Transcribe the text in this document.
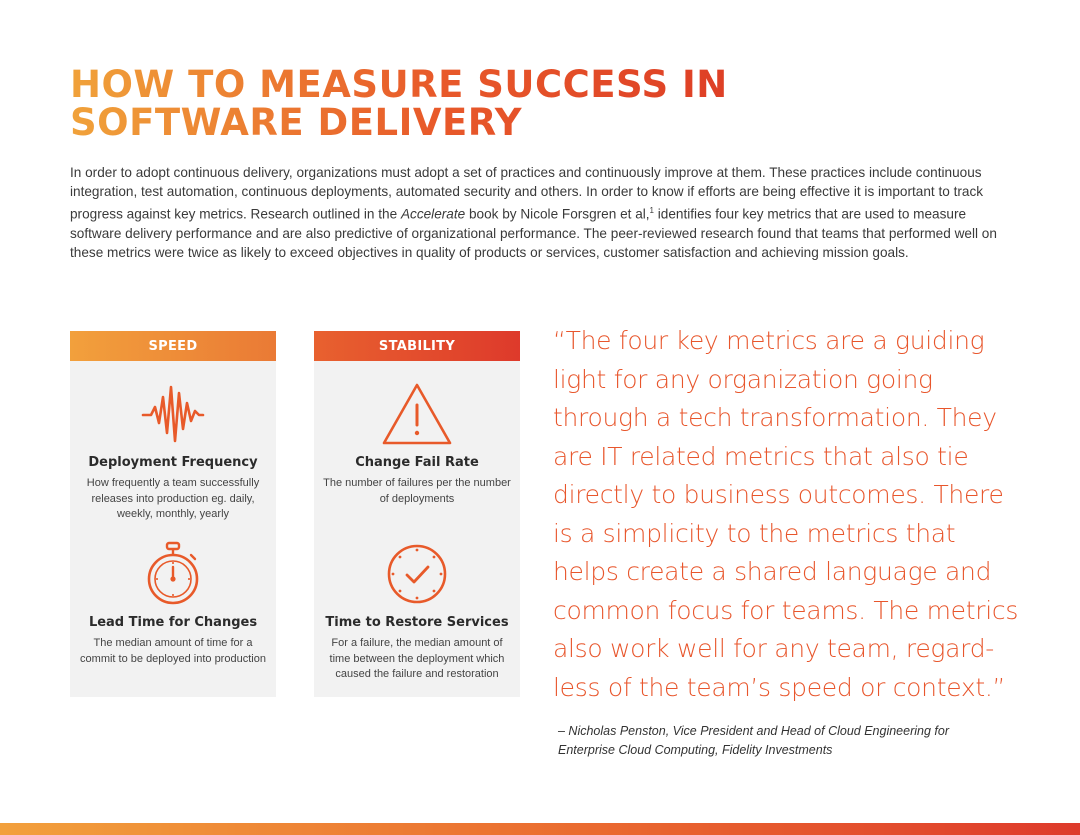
HOW TO MEASURE SUCCESS IN
SOFTWARE DELIVERY

In order to adopt continuous delivery, organizations must adopt a set of practices and continuously improve at them. These practices include continuous integration, test automation, continuous deployments, automated security and others. In order to know if efforts are being effective it is important to track progress against key metrics. Research outlined in the Accelerate book by Nicole Forsgren et al,$^1$ identifies four key metrics that are used to measure software delivery performance and are also predictive of organizational performance. The peer-reviewed research found that teams that performed well on these metrics were twice as likely to exceed objectives in quality of products or services, customer satisfaction and achieving mission goals.

SPEED
Deployment Frequency
How frequently a team successfully releases into production eg. daily, weekly, monthly, yearly
Lead Time for Changes
The median amount of time for a commit to be deployed into production
STABILITY
Change Fail Rate
The number of failures per the number of deployments
Time to Restore Services
For a failure, the median amount of time between the deployment which caused the failure and restoration

“The four key metrics are a guiding light for any organization going through a tech transformation. They are IT related metrics that also tie directly to business outcomes. There is a simplicity to the metrics that helps create a shared language and common focus for teams. The metrics also work well for any team, regard-less of the team’s speed or context.”

– Nicholas Penston, Vice President and Head of Cloud Engineering for
Enterprise Cloud Computing, Fidelity Investments
